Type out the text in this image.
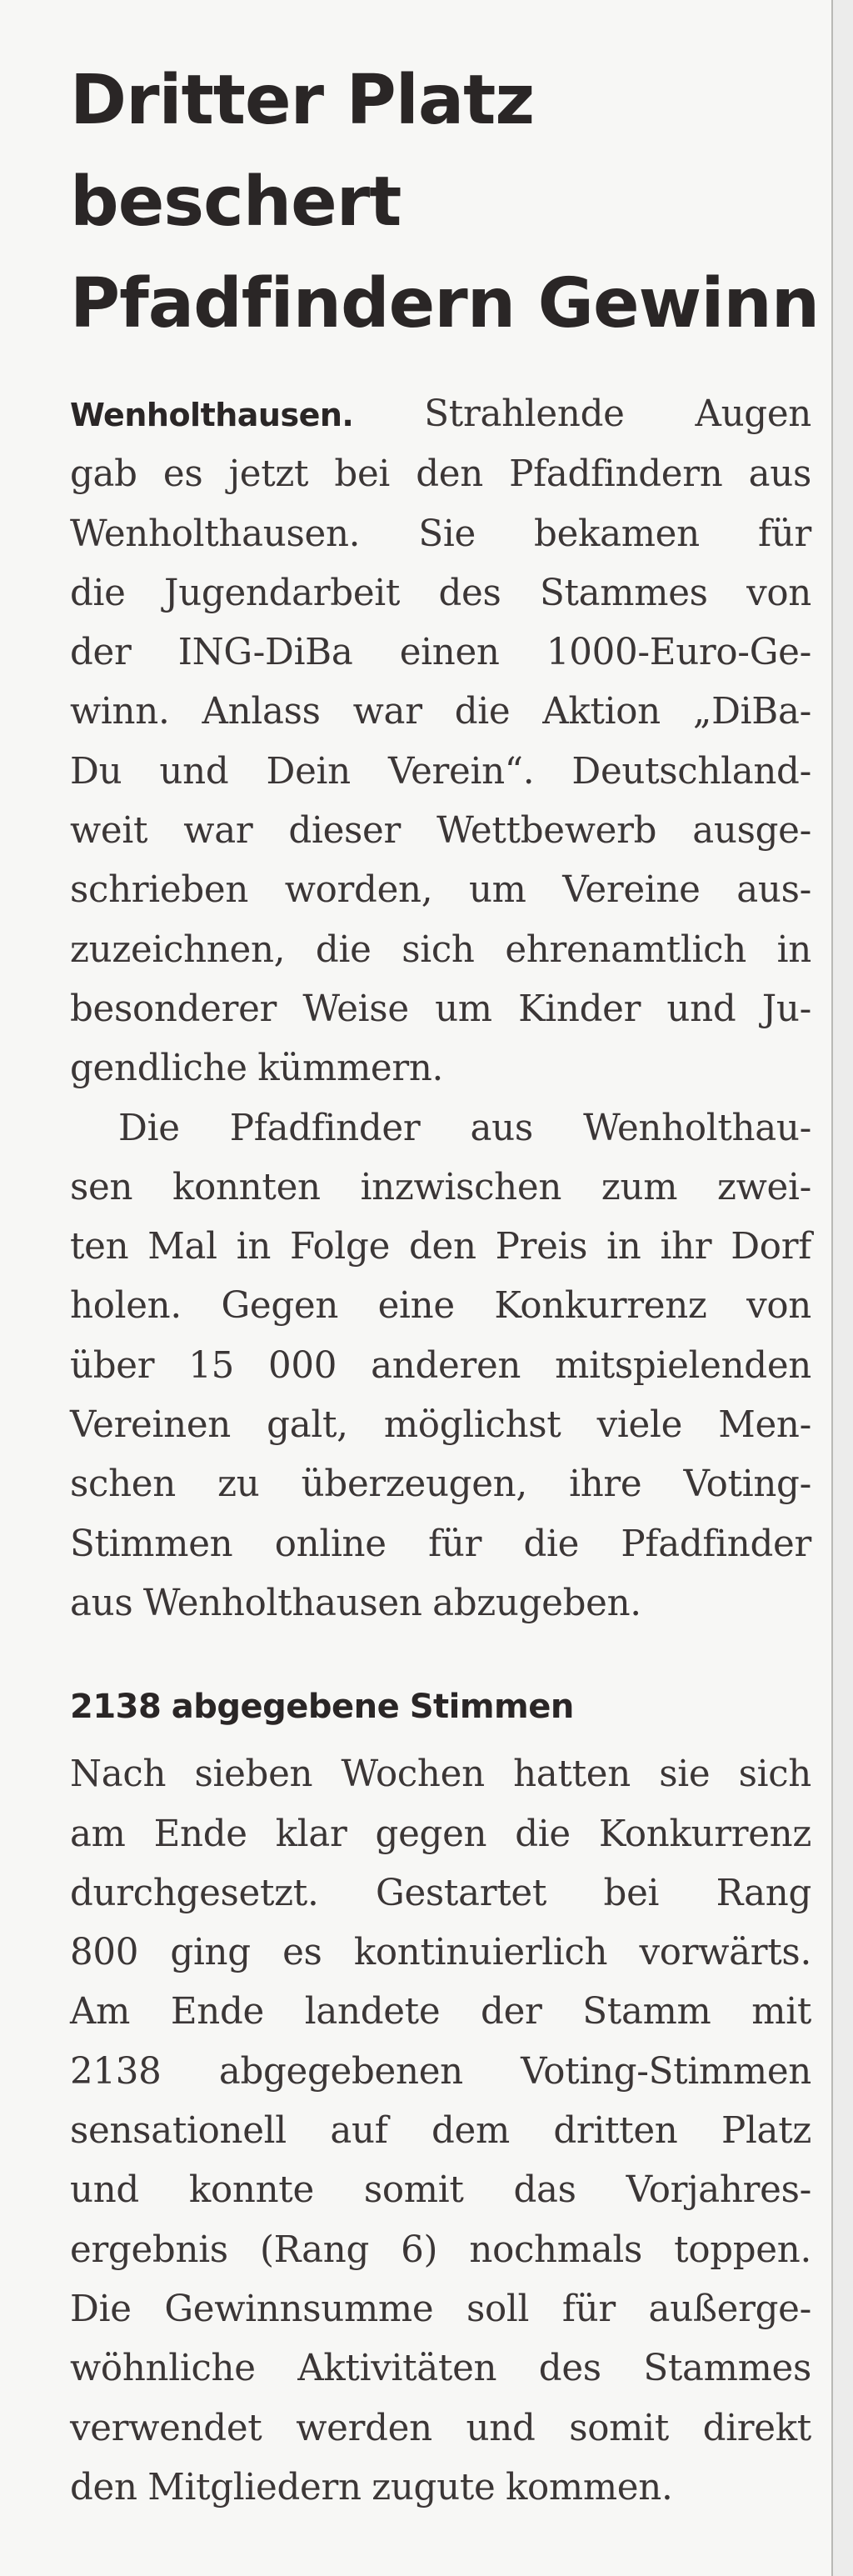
Dritter Platz
beschert
Pfadfindern Gewinn

Wenholthausen. Strahlende Augen
gab es jetzt bei den Pfadfindern aus
Wenholthausen. Sie bekamen für
die Jugendarbeit des Stammes von
der ING-DiBa einen 1000-Euro-Ge-
winn. Anlass war die Aktion „DiBa-
Du und Dein Verein“. Deutschland-
weit war dieser Wettbewerb ausge-
schrieben worden, um Vereine aus-
zuzeichnen, die sich ehrenamtlich in
besonderer Weise um Kinder und Ju-
gendliche kümmern.

Die Pfadfinder aus Wenholthau-
sen konnten inzwischen zum zwei-
ten Mal in Folge den Preis in ihr Dorf
holen. Gegen eine Konkurrenz von
über 15 000 anderen mitspielenden
Vereinen galt, möglichst viele Men-
schen zu überzeugen, ihre Voting-
Stimmen online für die Pfadfinder
aus Wenholthausen abzugeben.

2138 abgegebene Stimmen

Nach sieben Wochen hatten sie sich
am Ende klar gegen die Konkurrenz
durchgesetzt. Gestartet bei Rang
800 ging es kontinuierlich vorwärts.
Am Ende landete der Stamm mit
2138 abgegebenen Voting-Stimmen
sensationell auf dem dritten Platz
und konnte somit das Vorjahres-
ergebnis (Rang 6) nochmals toppen.
Die Gewinnsumme soll für außerge-
wöhnliche Aktivitäten des Stammes
verwendet werden und somit direkt
den Mitgliedern zugute kommen.
